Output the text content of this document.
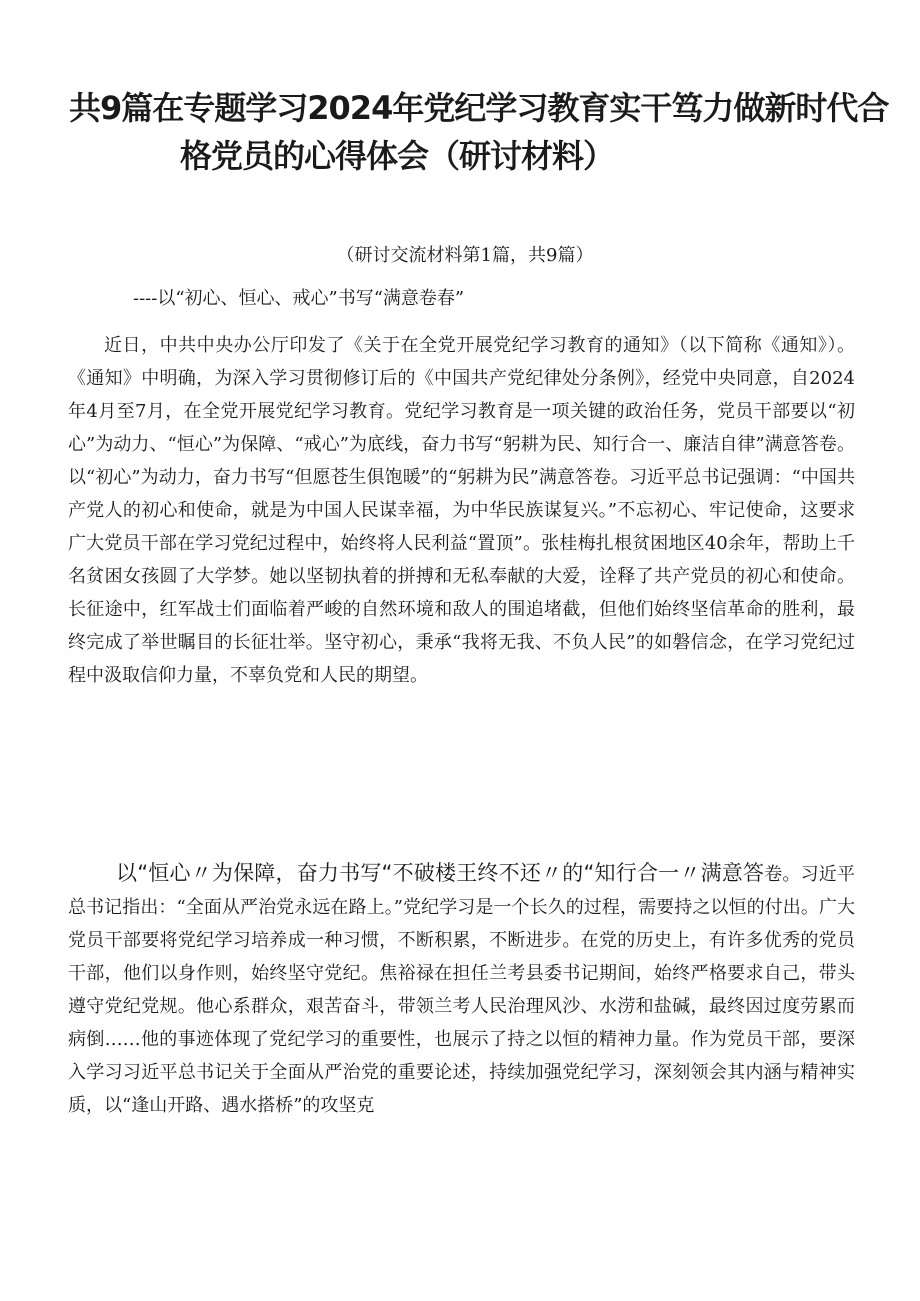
共9篇在专题学习2024年党纪学习教育实干笃力做新时代合
格党员的心得体会（研讨材料）
（研讨交流材料第1篇，共9篇）
----以“初心、恒心、戒心”书写“满意卷春”

近日，中共中央办公厅印发了《关于在全党开展党纪学习教育的通知》（以下简称《通知》）。《通知》中明确，为深入学习贯彻修订后的《中国共产党纪律处分条例》，经党中央同意，自2024年4月至7月，在全党开展党纪学习教育。党纪学习教育是一项关键的政治任务，党员干部要以“初心”为动力、“恒心”为保障、“戒心”为底线，奋力书写“躬耕为民、知行合一、廉洁自律”满意答卷。以“初心”为动力，奋力书写“但愿苍生俱饱暖”的“躬耕为民”满意答卷。习近平总书记强调：“中国共产党人的初心和使命，就是为中国人民谋幸福，为中华民族谋复兴。”不忘初心、牢记使命，这要求广大党员干部在学习党纪过程中，始终将人民利益“置顶”。张桂梅扎根贫困地区40余年，帮助上千名贫困女孩圆了大学梦。她以坚韧执着的拼搏和无私奉献的大爱，诠释了共产党员的初心和使命。长征途中，红军战士们面临着严峻的自然环境和敌人的围追堵截，但他们始终坚信革命的胜利，最终完成了举世瞩目的长征壮举。坚守初心，秉承“我将无我、不负人民”的如磐信念，在学习党纪过程中汲取信仰力量，不辜负党和人民的期望。

以“恒心〃为保障，奋力书写“不破楼王终不还〃的“知行合一〃满意答卷。习近平总书记指出：“全面从严治党永远在路上。”党纪学习是一个长久的过程，需要持之以恒的付出。广大党员干部要将党纪学习培养成一种习惯，不断积累，不断进步。在党的历史上，有许多优秀的党员干部，他们以身作则，始终坚守党纪。焦裕禄在担任兰考县委书记期间，始终严格要求自己，带头遵守党纪党规。他心系群众，艰苦奋斗，带领兰考人民治理风沙、水涝和盐碱，最终因过度劳累而病倒……他的事迹体现了党纪学习的重要性，也展示了持之以恒的精神力量。作为党员干部，要深入学习习近平总书记关于全面从严治党的重要论述，持续加强党纪学习，深刻领会其内涵与精神实质，以“逢山开路、遇水搭桥”的攻坚克
